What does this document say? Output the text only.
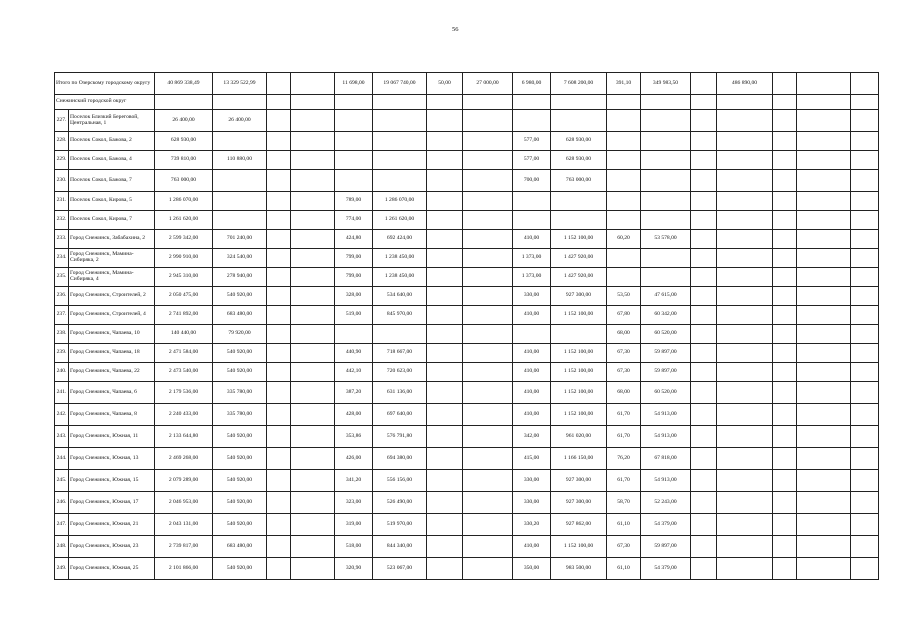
56
Итого по Озерскому городскому округу		40 869 338,49	13 329 522,99			11 698,00	19 067 740,00	50,00	27 000,00	6 980,00	7 608 200,00	391,10	349 983,50		486 890,00			
Снежинский городской округ																		
227.	Поселок Близкий Береговой, Центральная, 1	26 400,00	26 400,00															
228.	Поселок Сокол, Бажова, 2	628 930,00								577,00	628 930,00							
229.	Поселок Сокол, Бажова, 4	739 810,00	110 880,00							577,00	628 930,00							
230.	Поселок Сокол, Бажова, 7	763 000,00								700,00	763 000,00							
231.	Поселок Сокол, Кирова, 5	1 286 070,00				789,00	1 286 070,00											
232.	Поселок Сокол, Кирова, 7	1 261 620,00				774,00	1 261 620,00											
233.	Город Снежинск, Забабахина, 2	2 599 342,00	701 240,00			424,80	692 424,00			410,00	1 152 100,00	60,20	53 578,00					
234.	Город Снежинск, Мамина-Сибиряка, 2	2 990 910,00	324 540,00			799,00	1 238 450,00			1 373,00	1 427 920,00							
235.	Город Снежинск, Мамина-Сибиряка, 4	2 945 310,00	278 940,00			799,00	1 238 450,00			1 373,00	1 427 920,00							
236.	Город Снежинск, Строителей, 2	2 050 475,00	540 920,00			328,00	534 640,00			330,00	927 300,00	53,50	47 615,00					
237.	Город Снежинск, Строителей, 4	2 741 892,00	683 480,00			519,00	845 970,00			410,00	1 152 100,00	67,80	60 342,00					
238.	Город Снежинск, Чапаева, 10	140 440,00	79 920,00									68,00	60 520,00					
239.	Город Снежинск, Чапаева, 18	2 471 584,00	540 920,00			440,90	718 667,00			410,00	1 152 100,00	67,30	59 897,00					
240.	Город Снежинск, Чапаева, 22	2 473 540,00	540 920,00			442,10	720 623,00			410,00	1 152 100,00	67,30	59 897,00					
241.	Город Снежинск, Чапаева, 6	2 179 536,00	335 780,00			387,20	631 136,00			410,00	1 152 100,00	68,00	60 520,00					
242.	Город Снежинск, Чапаева, 8	2 240 433,00	335 780,00			428,00	697 640,00			410,00	1 152 100,00	61,70	54 913,00					
243.	Город Снежинск, Южная, 11	2 133 644,80	540 920,00			353,86	576 791,80			342,00	961 020,00	61,70	54 913,00					
244.	Город Снежинск, Южная, 13	2 469 268,00	540 920,00			426,00	694 380,00			415,00	1 166 150,00	76,20	67 818,00					
245.	Город Снежинск, Южная, 15	2 079 289,00	540 920,00			341,20	556 156,00			330,00	927 300,00	61,70	54 913,00					
246.	Город Снежинск, Южная, 17	2 046 953,00	540 920,00			323,00	526 490,00			330,00	927 300,00	58,70	52 243,00					
247.	Город Снежинск, Южная, 21	2 043 131,00	540 920,00			319,00	519 970,00			330,20	927 862,00	61,10	54 379,00					
248.	Город Снежинск, Южная, 23	2 739 817,00	683 480,00			518,00	844 340,00			410,00	1 152 100,00	67,30	59 897,00					
249.	Город Снежинск, Южная, 25	2 101 866,00	540 920,00			320,90	523 067,00			350,00	983 500,00	61,10	54 379,00					
